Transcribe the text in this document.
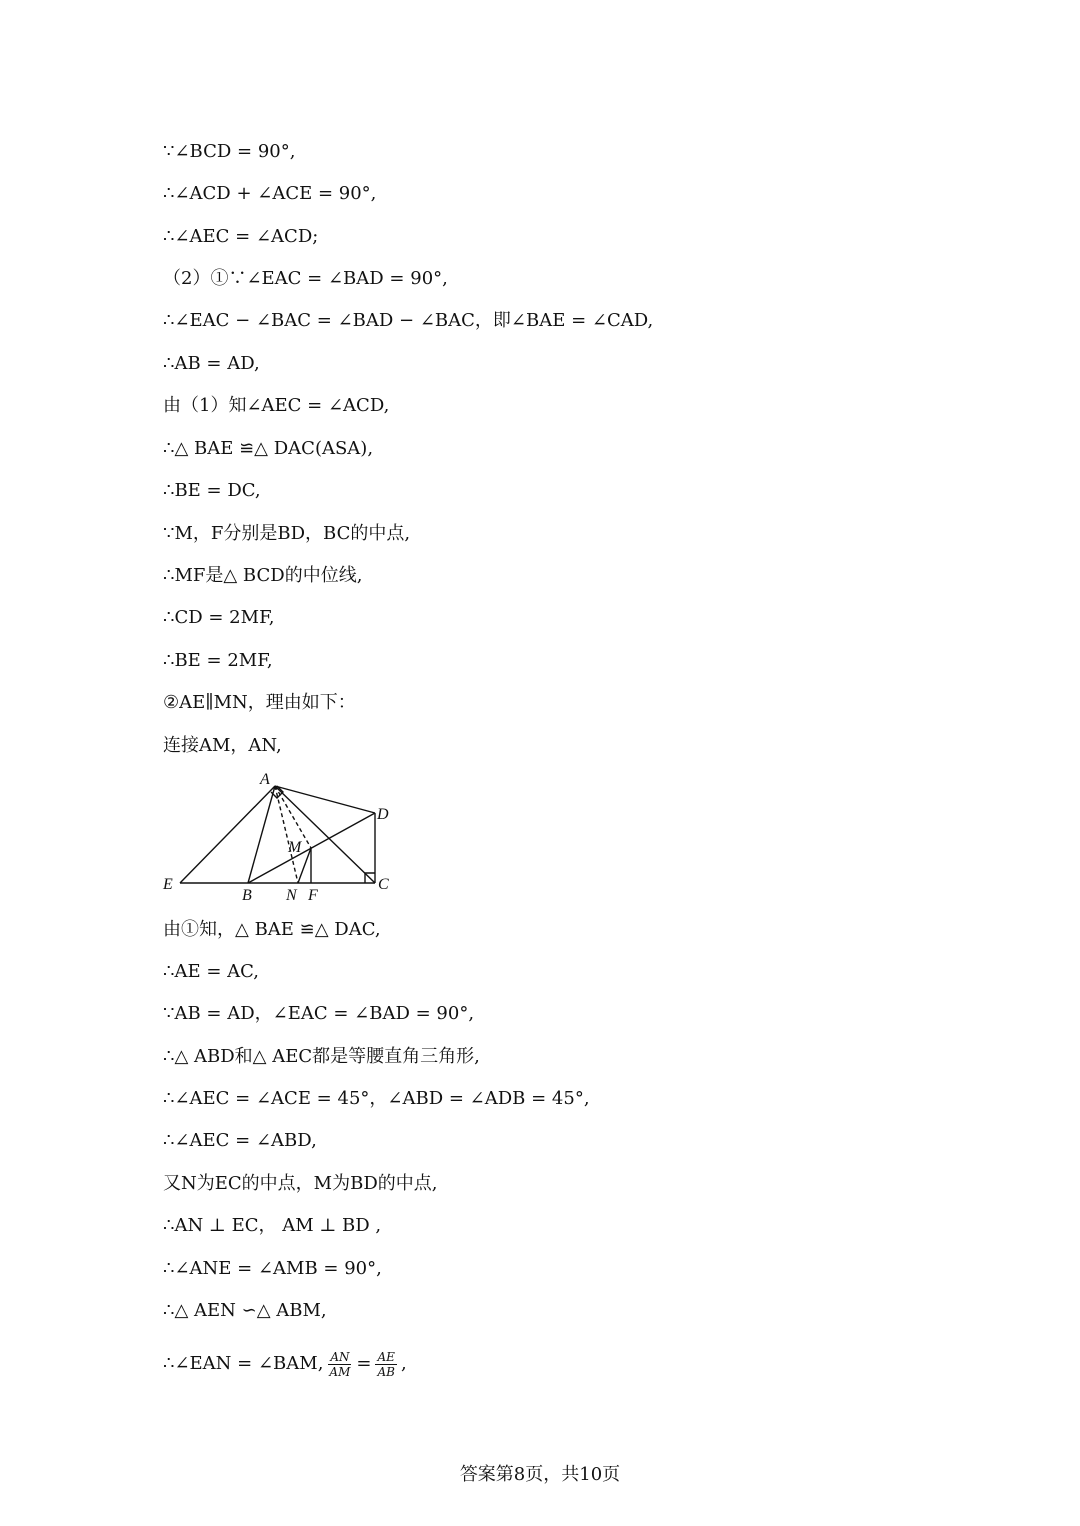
∵∠BCD = 90°,
∴∠ACD + ∠ACE = 90°,
∴∠AEC = ∠ACD;
（2）①∵∠EAC = ∠BAD = 90°,
∴∠EAC − ∠BAC = ∠BAD − ∠BAC，即∠BAE = ∠CAD,
∴AB = AD,
由（1）知∠AEC = ∠ACD,
∴△ BAE ≌△ DAC(ASA),
∴BE = DC,
∵M，F分别是BD，BC的中点,
∴MF是△ BCD的中位线,
∴CD = 2MF,
∴BE = 2MF,
②AE∥MN，理由如下：
连接AM，AN,
A
D
M
E
B N F
C
由①知，△ BAE ≌△ DAC,
∴AE = AC,
∵AB = AD，∠EAC = ∠BAD = 90°,
∴△ ABD和△ AEC都是等腰直角三角形,
∴∠AEC = ∠ACE = 45°，∠ABD = ∠ADB = 45°,
∴∠AEC = ∠ABD,
又N为EC的中点，M为BD的中点,
∴AN ⊥ EC， AM ⊥ BD ,
∴∠ANE = ∠AMB = 90°,
∴△ AEN ∽△ ABM,
∴∠EAN = ∠BAM, $\frac{AN}{AM} = \frac{AE}{AB}$ ,
答案第8页，共10页
